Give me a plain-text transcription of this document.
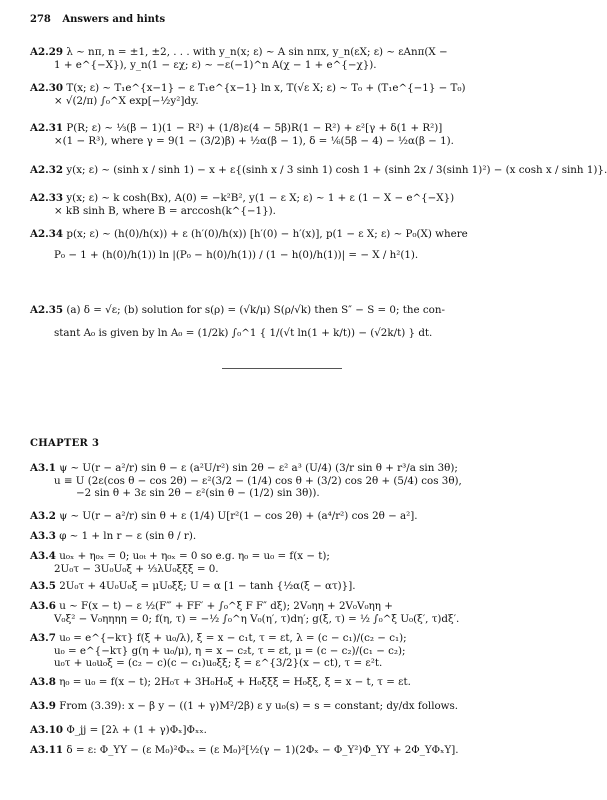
278 Answers and hints
A2.29 λ ∼ nπ, n = ±1, ±2, . . . with y_n(x; ε) ∼ A sin nπx, y_n(εX; ε) ∼ εAnπ(X −
1 + e^{−X}), y_n(1 − εχ; ε) ∼ −ε(−1)^n A(χ − 1 + e^{−χ}).
A2.30 T(x; ε) ∼ T₁e^{x−1} − ε T₁e^{x−1} ln x, T(√ε X; ε) ∼ T₀ + (T₁e^{−1} − T₀)
× √(2/π) ∫₀^X exp[−½y²]dy.
A2.31 P(R; ε) ∼ ⅓(β − 1)(1 − R²) + (1/8)ε(4 − 5β)R(1 − R²) + ε²[γ + δ(1 + R²)]
×(1 − R³), where γ = 9(1 − (3/2)β) + ½α(β − 1), δ = ⅙(5β − 4) − ½α(β − 1).
A2.32 y(x; ε) ∼ (sinh x / sinh 1) − x + ε{(sinh x / 3 sinh 1) cosh 1 + (sinh 2x / 3(sinh 1)²) − (x cosh x / sinh 1)}.
A2.33 y(x; ε) ∼ k cosh(Bx), A(0) = −k²B², y(1 − ε X; ε) ∼ 1 + ε (1 − X − e^{−X})
× kB sinh B, where B = arccosh(k^{−1}).
A2.34 p(x; ε) ∼ (h(0)/h(x)) + ε (h′(0)/h(x)) [h′(0) − h′(x)], p(1 − ε X; ε) ∼ P₀(X) where
P₀ − 1 + (h(0)/h(1)) ln |(P₀ − h(0)/h(1)) / (1 − h(0)/h(1))| = − X / h²(1).
A2.35 (a) δ = √ε; (b) solution for s(ρ) = (√k/μ) S(ρ/√k) then S″ − S = 0; the con-
stant A₀ is given by ln A₀ = (1/2k) ∫₀^1 { 1/(√t ln(1 + k/t)) − (√2k/t) } dt.
CHAPTER 3
A3.1 ψ ∼ U(r − a²/r) sin θ − ε (a²U/r²) sin 2θ − ε² a³ (U/4) (3/r sin θ + r³/a sin 3θ);
u ≡ U (2ε(cos θ − cos 2θ) − ε²(3/2 − (1/4) cos θ + (3/2) cos 2θ + (5/4) cos 3θ),
−2 sin θ + 3ε sin 2θ − ε²(sin θ − (1/2) sin 3θ)).
A3.2 ψ ∼ U(r − a²/r) sin θ + ε (1/4) U[r²(1 − cos 2θ) + (a⁴/r²) cos 2θ − a²].
A3.3 φ ∼ 1 + ln r − ε (sin θ / r).
A3.4 u₀ₓ + η₀ₓ = 0; u₀ₜ + η₀ₓ = 0 so e.g. η₀ = u₀ = f(x − t);
2U₀τ − 3U₀U₀ξ + ⅓λU₀ξξξ = 0.
A3.5 2U₀τ + 4U₀U₀ξ = μU₀ξξ; U = α [1 − tanh {½α(ξ − ατ)}].
A3.6 u ∼ F(x − t) − ε ½(F‴ + FF′ + ∫₀^ξ F F″ dξ); 2V₀ηη + 2V₀V₀ηη +
V₀ξ² − V₀ηηηη = 0; f(η, τ) = −½ ∫₀^η V₀(η′, τ)dη′; g(ξ, τ) = ½ ∫₀^ξ U₀(ξ′, τ)dξ′.
A3.7 u₀ = e^{−kτ} f(ξ + u₀/λ), ξ = x − c₁t, τ = εt, λ = (c − c₁)/(c₂ − c₁);
u₀ = e^{−kτ} g(η + u₀/μ), η = x − c₂t, τ = εt, μ = (c − c₂)/(c₁ − c₂);
u₀τ + u₀u₀ξ = (c₂ − c)(c − c₁)u₀ξξ; ξ = ε^{3/2}(x − ct), τ = ε²t.
A3.8 η₀ = u₀ = f(x − t); 2H₀τ + 3H₀H₀ξ + H₀ξξξ = H₀ξξ, ξ = x − t, τ = εt.
A3.9 From (3.39): x − β y − ((1 + γ)M²/2β) ε y u₀(s) = s = constant; dy/dx follows.
A3.10 Φ_jj = [2λ + (1 + γ)Φₓ]Φₓₓ.
A3.11 δ = ε: Φ_YY − (ε M₀)²Φₓₓ = (ε M₀)²[½(γ − 1)(2Φₓ − Φ_Y²)Φ_YY + 2Φ_YΦₓY].
